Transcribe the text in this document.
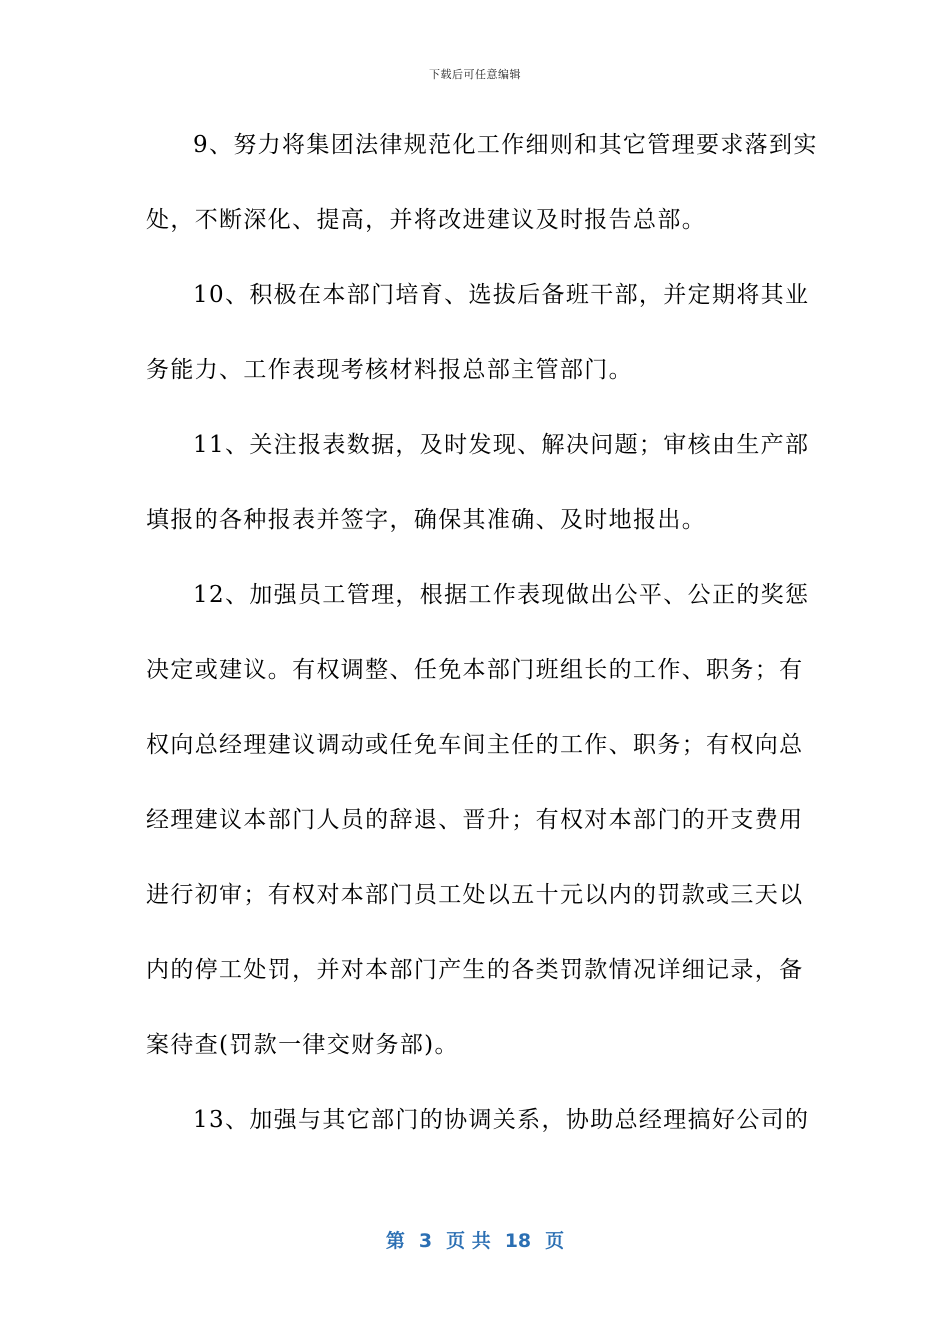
下载后可任意编辑
9、努力将集团法律规范化工作细则和其它管理要求落到实
处，不断深化、提高，并将改进建议及时报告总部。
10、积极在本部门培育、选拔后备班干部，并定期将其业
务能力、工作表现考核材料报总部主管部门。
11、关注报表数据，及时发现、解决问题；审核由生产部
填报的各种报表并签字，确保其准确、及时地报出。
12、加强员工管理，根据工作表现做出公平、公正的奖惩
决定或建议。有权调整、任免本部门班组长的工作、职务；有
权向总经理建议调动或任免车间主任的工作、职务；有权向总
经理建议本部门人员的辞退、晋升；有权对本部门的开支费用
进行初审；有权对本部门员工处以五十元以内的罚款或三天以
内的停工处罚，并对本部门产生的各类罚款情况详细记录，备
案待查(罚款一律交财务部)。
13、加强与其它部门的协调关系，协助总经理搞好公司的
第 3 页 共 18 页
